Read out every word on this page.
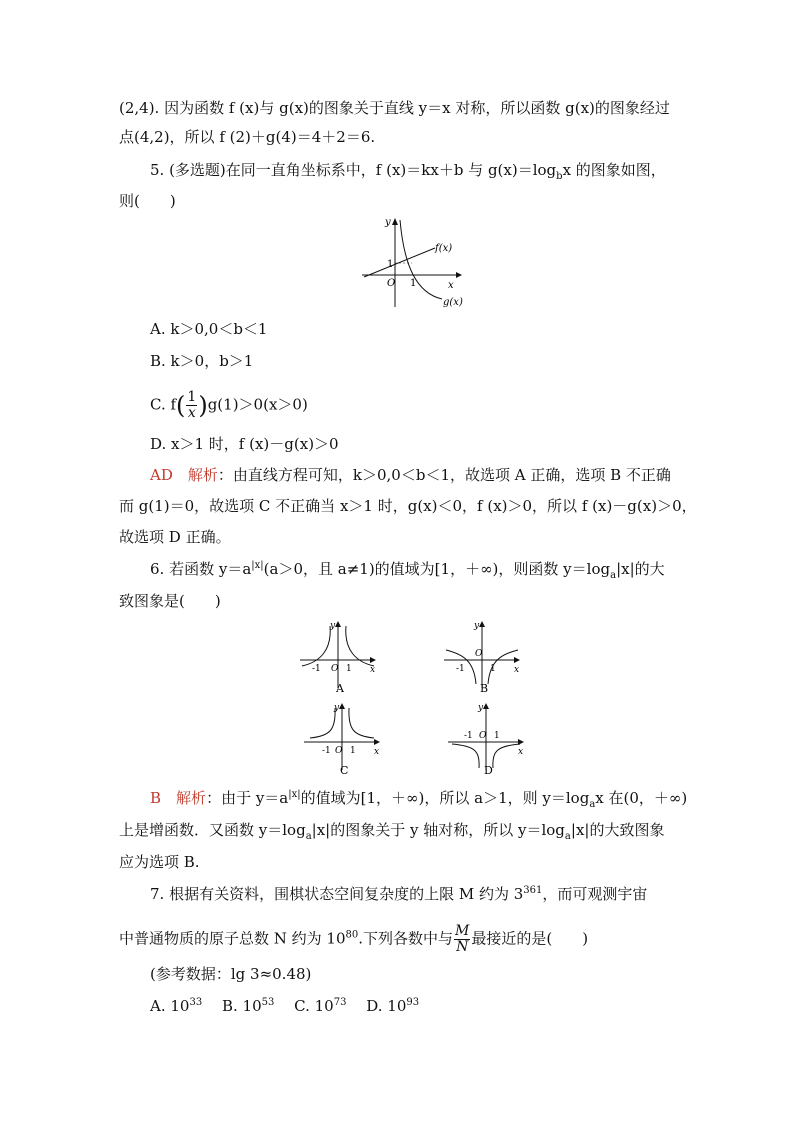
(2,4). 因为函数 f (x)与 g(x)的图象关于直线 y＝x 对称，所以函数 g(x)的图象经过
点(4,2)，所以 f (2)＋g(4)＝4＋2＝6.
5. (多选题)在同一直角坐标系中，f (x)＝kx＋b 与 $g(x)=\log_bx$ 的图象如图，
则(　　)
y
x
O 1
1
f(x)
g(x)
A. k＞0,0＜b＜1
B. k＞0，b＞1
C. $f( \frac{1}{x} )g(1)>0(x>0)$
D. x＞1 时，f (x)－g(x)＞0
AD　 解析：由直线方程可知，k＞0,0＜b＜1，故选项 A 正确，选项 B 不正确
而 g(1)＝0，故选项 C 不正确当 x＞1 时，g(x)＜0，f (x)＞0，所以 f (x)－g(x)＞0，
故选项 D 正确。
6. 若函数 $y=a^{|x|}(a>0$，且 a≠1)的值域为[1，＋∞)，则函数 $y=\log_a|x|$的大
致图象是(　　)
y
x
O
-1	1
A
y
x
O
-1	1
B
y
x
O
-1 1
C
y
x
O
-1 1
D
B　 解析：由于 $y=a^{|x|}$的值域为[1，＋∞)，所以 a＞1，则 $y=\log_ax$ 在(0，＋∞)
上是增函数．又函数 $y=\log_a|x|$的图象关于 y 轴对称，所以 $y=\log_a|x|$的大致图象
应为选项 B.
7. 根据有关资料，围棋状态空间复杂度的上限 M 约为 $3^{361}$，而可观测宇宙
中普通物质的原子总数 N 约为 $10^{80}$.下列各数中与 $\frac{M}{N}$ 最接近的是(　　)
(参考数据：lg 3≈0.48)
A. $10^{33}$　 B. $10^{53}$　 C. $10^{73}$　 D. $10^{93}$
